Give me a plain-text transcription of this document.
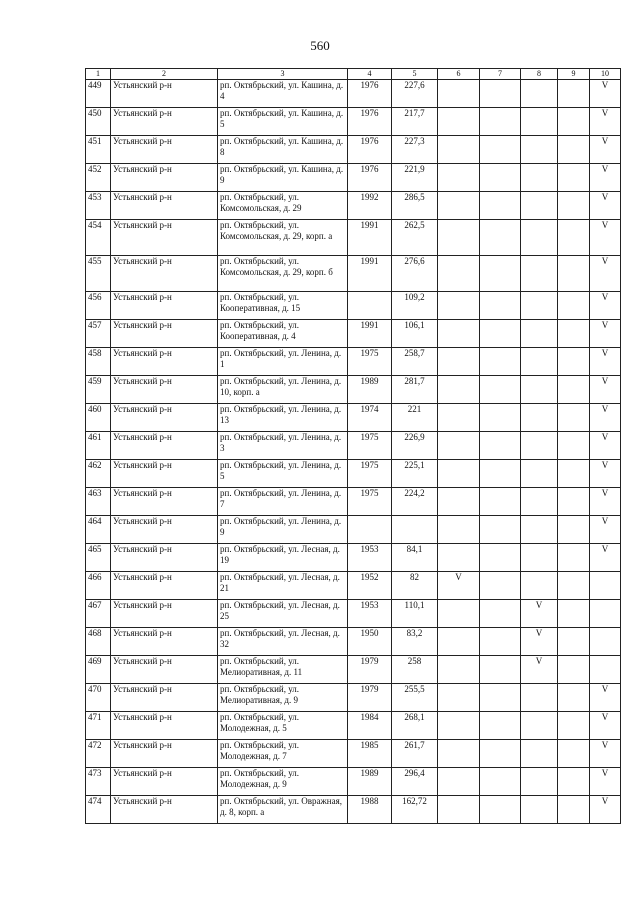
560
1	2	3	4	5	6	7	8	9	10
449	Устьянский р-н	рп. Октябрьский, ул. Кашина, д. 4	1976	227,6					V
450	Устьянский р-н	рп. Октябрьский, ул. Кашина, д. 5	1976	217,7					V
451	Устьянский р-н	рп. Октябрьский, ул. Кашина, д. 8	1976	227,3					V
452	Устьянский р-н	рп. Октябрьский, ул. Кашина, д. 9	1976	221,9					V
453	Устьянский р-н	рп. Октябрьский, ул. Комсомольская, д. 29	1992	286,5					V
454	Устьянский р-н	рп. Октябрьский, ул. Комсомольская, д. 29, корп. а	1991	262,5					V
455	Устьянский р-н	рп. Октябрьский, ул. Комсомольская, д. 29, корп. б	1991	276,6					V
456	Устьянский р-н	рп. Октябрьский, ул. Кооперативная, д. 15		109,2					V
457	Устьянский р-н	рп. Октябрьский, ул. Кооперативная, д. 4	1991	106,1					V
458	Устьянский р-н	рп. Октябрьский, ул. Ленина, д. 1	1975	258,7					V
459	Устьянский р-н	рп. Октябрьский, ул. Ленина, д. 10, корп. а	1989	281,7					V
460	Устьянский р-н	рп. Октябрьский, ул. Ленина, д. 13	1974	221					V
461	Устьянский р-н	рп. Октябрьский, ул. Ленина, д. 3	1975	226,9					V
462	Устьянский р-н	рп. Октябрьский, ул. Ленина, д. 5	1975	225,1					V
463	Устьянский р-н	рп. Октябрьский, ул. Ленина, д. 7	1975	224,2					V
464	Устьянский р-н	рп. Октябрьский, ул. Ленина, д. 9							V
465	Устьянский р-н	рп. Октябрьский, ул. Лесная, д. 19	1953	84,1					V
466	Устьянский р-н	рп. Октябрьский, ул. Лесная, д. 21	1952	82	V				
467	Устьянский р-н	рп. Октябрьский, ул. Лесная, д. 25	1953	110,1			V		
468	Устьянский р-н	рп. Октябрьский, ул. Лесная, д. 32	1950	83,2			V		
469	Устьянский р-н	рп. Октябрьский, ул. Мелиоративная, д. 11	1979	258			V		
470	Устьянский р-н	рп. Октябрьский, ул. Мелиоративная, д. 9	1979	255,5					V
471	Устьянский р-н	рп. Октябрьский, ул. Молодежная, д. 5	1984	268,1					V
472	Устьянский р-н	рп. Октябрьский, ул. Молодежная, д. 7	1985	261,7					V
473	Устьянский р-н	рп. Октябрьский, ул. Молодежная, д. 9	1989	296,4					V
474	Устьянский р-н	рп. Октябрьский, ул. Овражная, д. 8, корп. а	1988	162,72					V
